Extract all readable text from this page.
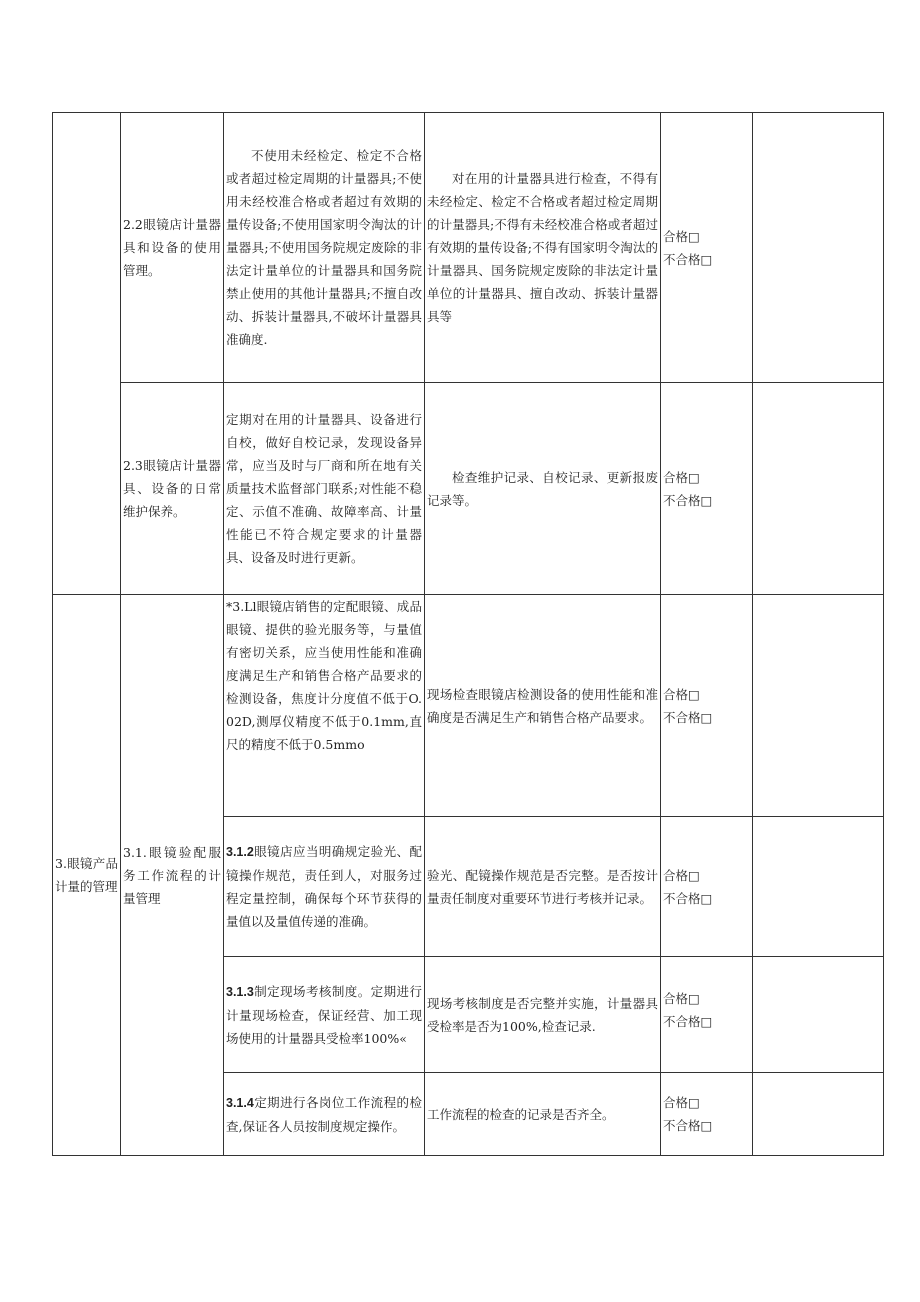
	2.2眼镜店计量器具和设备的使用管理。	不使用未经检定、检定不合格或者超过检定周期的计量器具;不使用未经校准合格或者超过有效期的量传设备;不使用国家明令淘汰的计量器具;不使用国务院规定废除的非法定计量单位的计量器具和国务院禁止使用的其他计量器具;不擅自改动、拆装计量器具,不破坏计量器具准确度.	对在用的计量器具进行检查，不得有未经检定、检定不合格或者超过检定周期的计量器具;不得有未经校准合格或者超过有效期的量传设备;不得有国家明令淘汰的计量器具、国务院规定废除的非法定计量单位的计量器具、擅自改动、拆装计量器具等	合格□
不合格□	

	2.3眼镜店计量器具、设备的日常维护保养。	定期对在用的计量器具、设备进行自校，做好自校记录，发现设备异常，应当及时与厂商和所在地有关质量技术监督部门联系;对性能不稳定、示值不准确、故障率高、计量性能已不符合规定要求的计量器具、设备及时进行更新。	检查维护记录、自校记录、更新报废记录等。	合格□
不合格□	

3.眼镜产品计量的管理	3.1.眼镜验配服务工作流程的计量管理	*3.Ll眼镜店销售的定配眼镜、成品眼镜、提供的验光服务等，与量值有密切关系，应当使用性能和准确度满足生产和销售合格产品要求的检测设备，焦度计分度值不低于O.02D,测厚仪精度不低于0.1mm,直尺的精度不低于0.5mmo	现场检查眼镜店检测设备的使用性能和准确度是否满足生产和销售合格产品要求。	合格□
不合格□	

		3.1.2眼镜店应当明确规定验光、配镜操作规范，责任到人，对服务过程定量控制，确保每个环节获得的量值以及量值传递的准确。	验光、配镜操作规范是否完整。是否按计量责任制度对重要环节进行考核并记录。	合格□
不合格□	

		3.1.3制定现场考核制度。定期进行计量现场检查，保证经营、加工现场使用的计量器具受检率100%«	现场考核制度是否完整并实施，计量器具受检率是否为100%,检查记录.	合格□
不合格□	

		3.1.4定期进行各岗位工作流程的检查,保证各人员按制度规定操作。	工作流程的检查的记录是否齐全。	合格□
不合格□	
